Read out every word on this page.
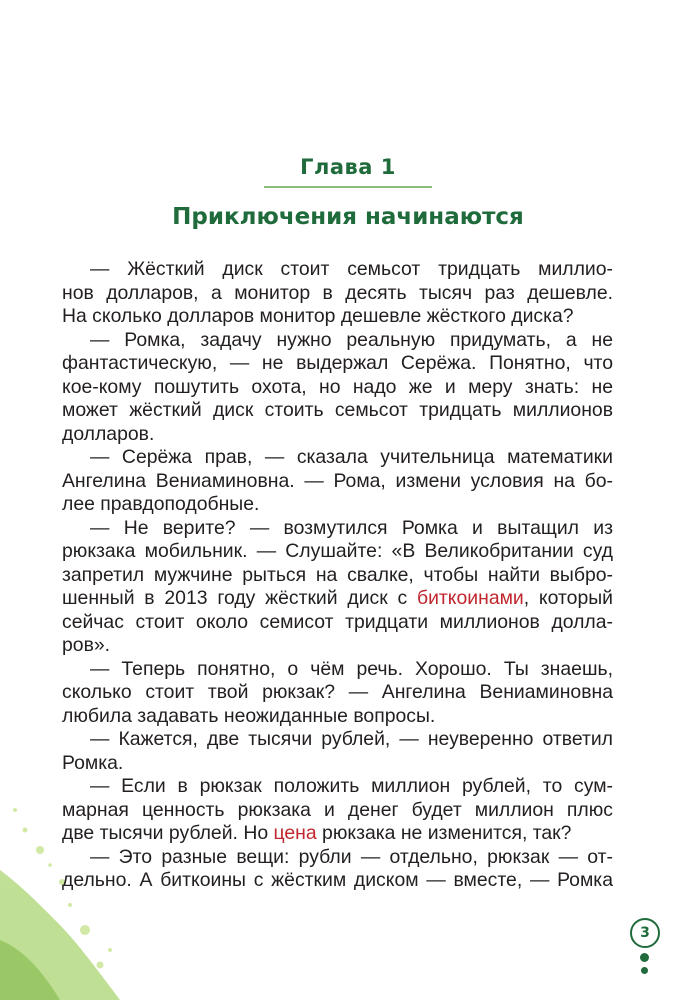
Глава 1
Приключения начинаются
— Жёсткий диск стоит семьсот тридцать миллио-
нов долларов, а монитор в десять тысяч раз дешевле.
На сколько долларов монитор дешевле жёсткого диска?
— Ромка, задачу нужно реальную придумать, а не
фантастическую, — не выдержал Серёжа. Понятно, что
кое-кому пошутить охота, но надо же и меру знать: не
может жёсткий диск стоить семьсот тридцать миллионов
долларов.
— Серёжа прав, — сказала учительница математики
Ангелина Вениаминовна. — Рома, измени условия на бо-
лее правдоподобные.
— Не верите? — возмутился Ромка и вытащил из
рюкзака мобильник. — Слушайте: «В Великобритании суд
запретил мужчине рыться на свалке, чтобы найти выбро-
шенный в 2013 году жёсткий диск с биткоинами, который
сейчас стоит около семисот тридцати миллионов долла-
ров».
— Теперь понятно, о чём речь. Хорошо. Ты знаешь,
сколько стоит твой рюкзак? — Ангелина Вениаминовна
любила задавать неожиданные вопросы.
— Кажется, две тысячи рублей, — неуверенно ответил
Ромка.
— Если в рюкзак положить миллион рублей, то сум-
марная ценность рюкзака и денег будет миллион плюс
две тысячи рублей. Но цена рюкзака не изменится, так?
— Это разные вещи: рубли — отдельно, рюкзак — от-
дельно. А биткоины с жёстким диском — вместе, — Ромка
3
